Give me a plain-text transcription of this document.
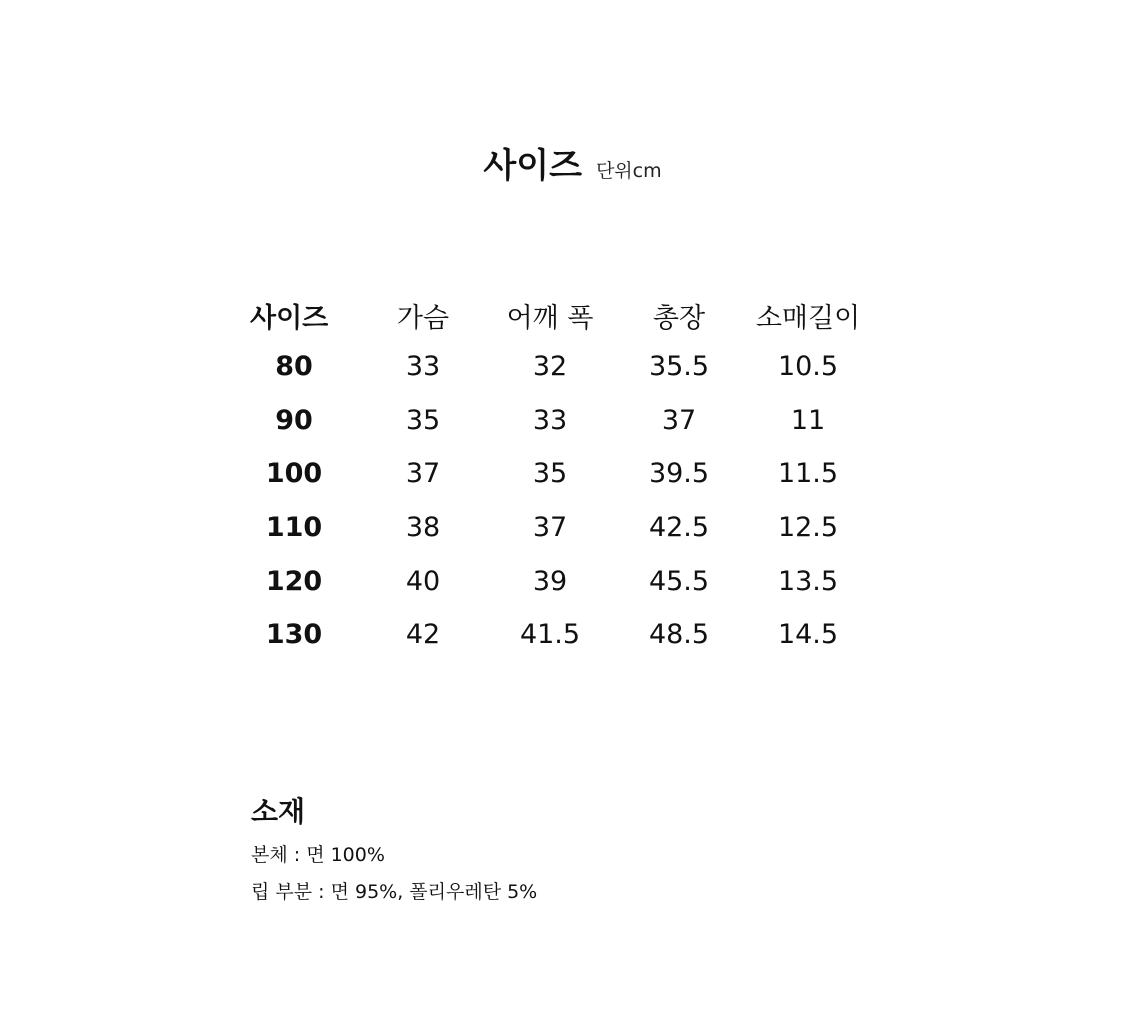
사이즈 단위cm
사이즈	가슴	어깨 폭	총장	소매길이
80	33	32	35.5	10.5
90	35	33	37	11
100	37	35	39.5	11.5
110	38	37	42.5	12.5
120	40	39	45.5	13.5
130	42	41.5	48.5	14.5
소재
본체 : 면 100%
립 부분 : 면 95%, 폴리우레탄 5%
